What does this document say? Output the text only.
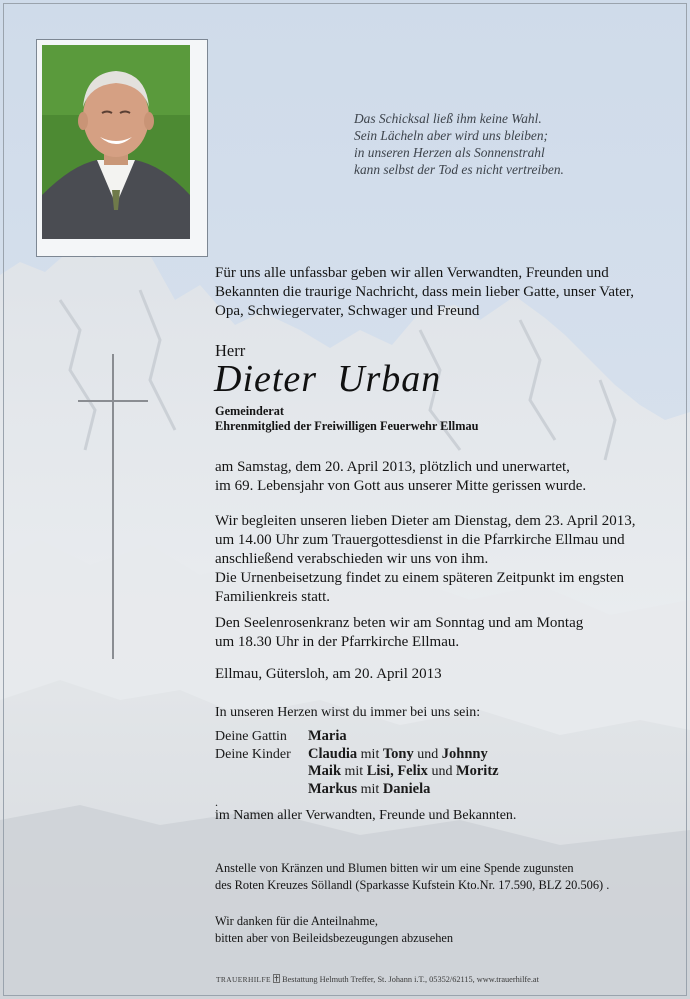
Das Schicksal ließ ihm keine Wahl.
Sein Lächeln aber wird uns bleiben;
in unseren Herzen als Sonnenstrahl
kann selbst der Tod es nicht vertreiben.
Für uns alle unfassbar geben wir allen Verwandten, Freunden und
Bekannten die traurige Nachricht, dass mein lieber Gatte, unser Vater,
Opa, Schwiegervater, Schwager und Freund
Herr
Dieter Urban
Gemeinderat
Ehrenmitglied der Freiwilligen Feuerwehr Ellmau
am Samstag, dem 20. April 2013, plötzlich und unerwartet,
im 69. Lebensjahr von Gott aus unserer Mitte gerissen wurde.
Wir begleiten unseren lieben Dieter am Dienstag, dem 23. April 2013,
um 14.00 Uhr zum Trauergottesdienst in die Pfarrkirche Ellmau und
anschließend verabschieden wir uns von ihm.
Die Urnenbeisetzung findet zu einem späteren Zeitpunkt im engsten
Familienkreis statt.
Den Seelenrosenkranz beten wir am Sonntag und am Montag
um 18.30 Uhr in der Pfarrkirche Ellmau.
Ellmau, Gütersloh, am 20. April 2013
In unseren Herzen wirst du immer bei uns sein:
Deine Gattin	Maria
Deine Kinder	Claudia mit Tony und Johnny
Maik mit Lisi, Felix und Moritz
Markus mit Daniela
.
im Namen aller Verwandten, Freunde und Bekannten.
Anstelle von Kränzen und Blumen bitten wir um eine Spende zugunsten
des Roten Kreuzes Söllandl (Sparkasse Kufstein Kto.Nr. 17.590, BLZ 20.506) .
Wir danken für die Anteilnahme,
bitten aber von Beileidsbezeugungen abzusehen
TRAUERHILFE Bestattung Helmuth Treffer, St. Johann i.T., 05352/62115, www.trauerhilfe.at
